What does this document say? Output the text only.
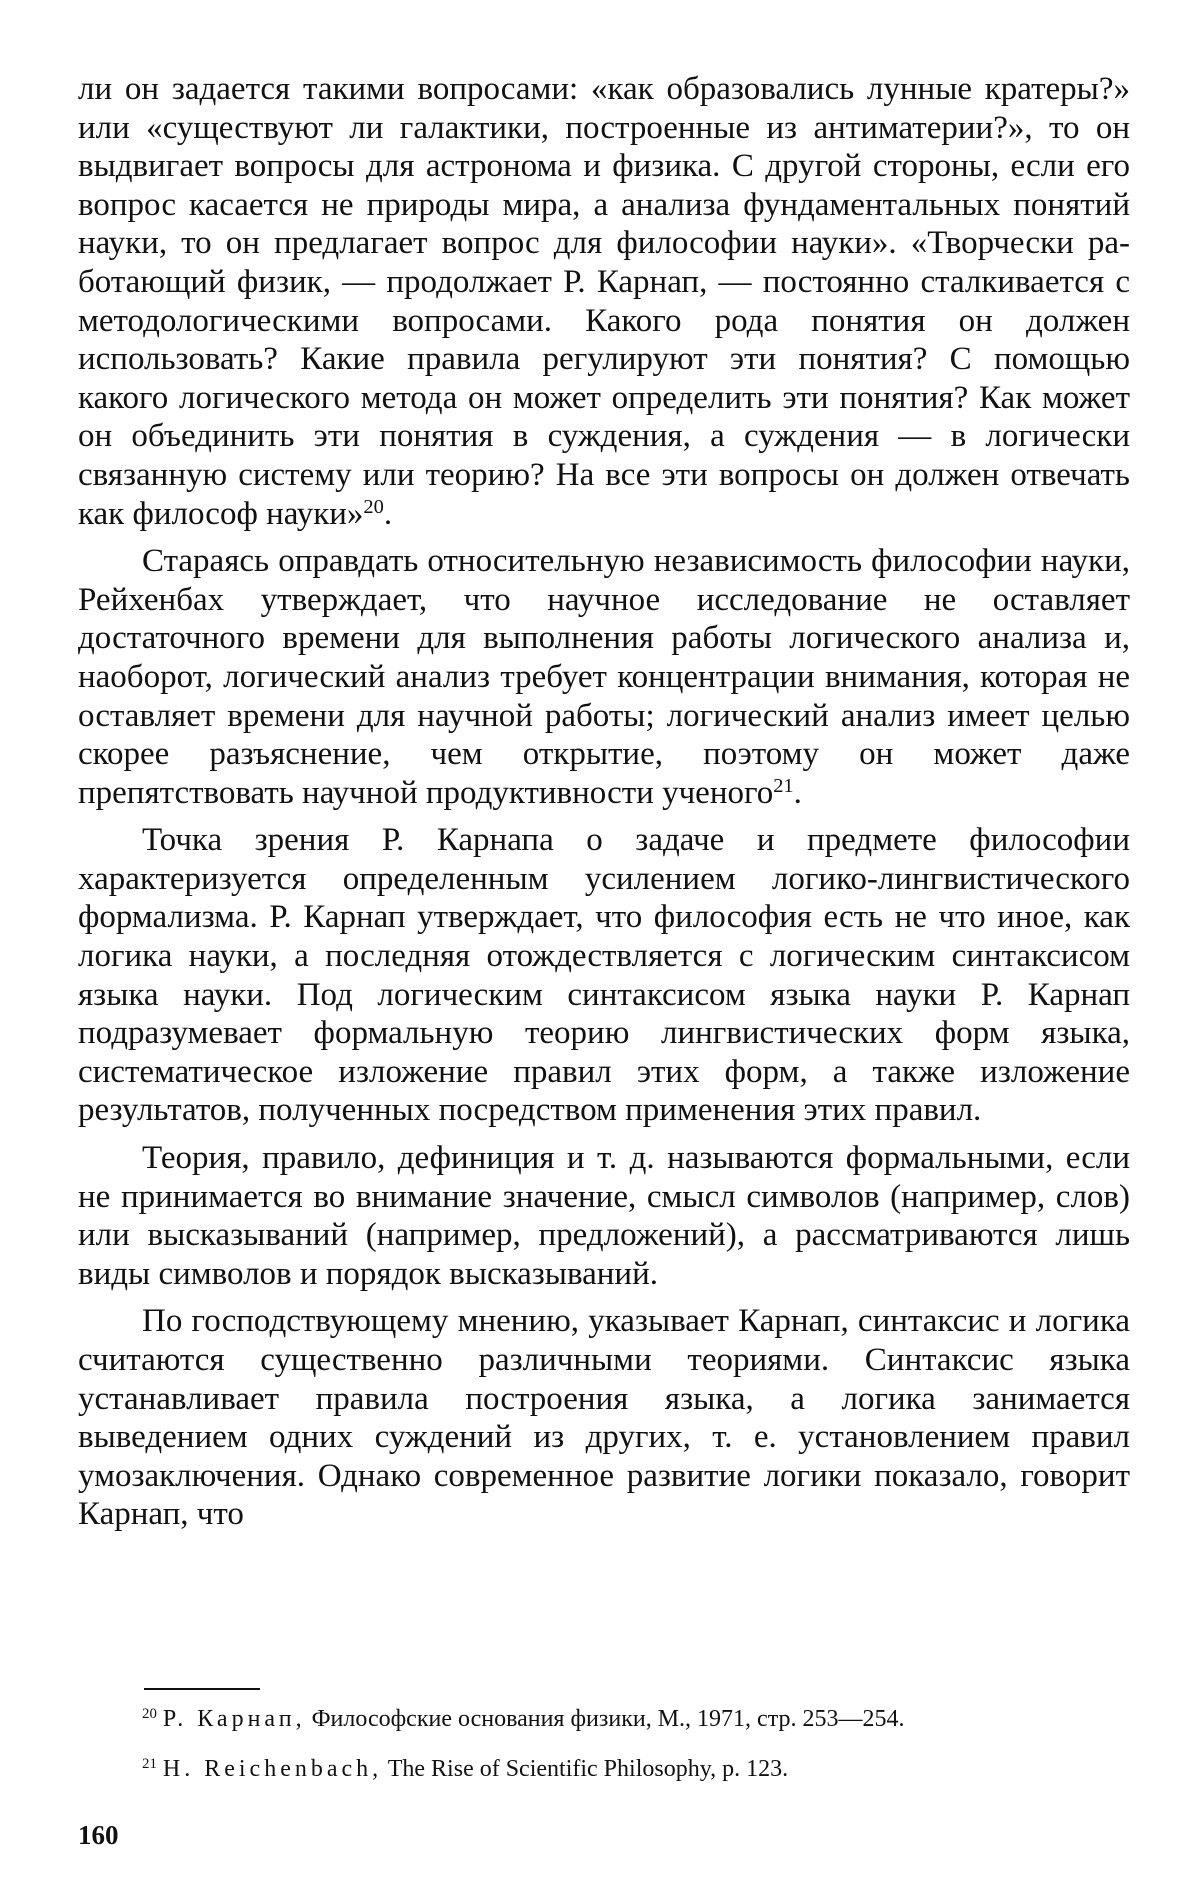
ли он задается такими вопросами: «как образовались лунные кратеры?» или «существуют ли галактики, построенные из антиматерии?», то он выдвигает вопросы для астронома и физика. С другой стороны, если его вопрос касается не природы мира, а анализа фундаментальных понятий науки, то он предлагает вопрос для философии науки». «Творчески работающий физик, — продолжает Р. Карнап, — постоянно сталкивается с методологическими вопросами. Какого рода понятия он должен использовать? Какие правила регулируют эти понятия? С помощью какого логического метода он может определить эти понятия? Как может он объединить эти понятия в суждения, а суждения — в логически связанную систему или теорию? На все эти вопросы он должен отвечать как философ науки»$^{20}$.

Стараясь оправдать относительную независимость философии науки, Рейхенбах утверждает, что научное исследование не оставляет достаточного времени для выполнения работы логического анализа и, наоборот, логический анализ требует концентрации внимания, которая не оставляет времени для научной работы; логический анализ имеет целью скорее разъяснение, чем открытие, поэтому он может даже препятствовать научной продуктивности ученого$^{21}$.

Точка зрения Р. Карнапа о задаче и предмете философии характеризуется определенным усилением логико-лингвистического формализма. Р. Карнап утверждает, что философия есть не что иное, как логика науки, а последняя отождествляется с логическим синтаксисом языка науки. Под логическим синтаксисом языка науки Р. Карнап подразумевает формальную теорию лингвистических форм языка, систематическое изложение правил этих форм, а также изложение результатов, полученных посредством применения этих правил.

Теория, правило, дефиниция и т. д. называются формальными, если не принимается во внимание значение, смысл символов (например, слов) или высказываний (например, предложений), а рассматриваются лишь виды символов и порядок высказываний.

По господствующему мнению, указывает Карнап, синтаксис и логика считаются существенно различными теориями. Синтаксис языка устанавливает правила построения языка, а логика занимается выведением одних суждений из других, т. е. установлением правил умозаключения. Однако современное развитие логики показало, говорит Карнап, что

$^{20}$ Р. Карнап, Философские основания физики, М., 1971, стр. 253—254.

$^{21}$ H. Reichenbach, The Rise of Scientific Philosophy, p. 123.

160
